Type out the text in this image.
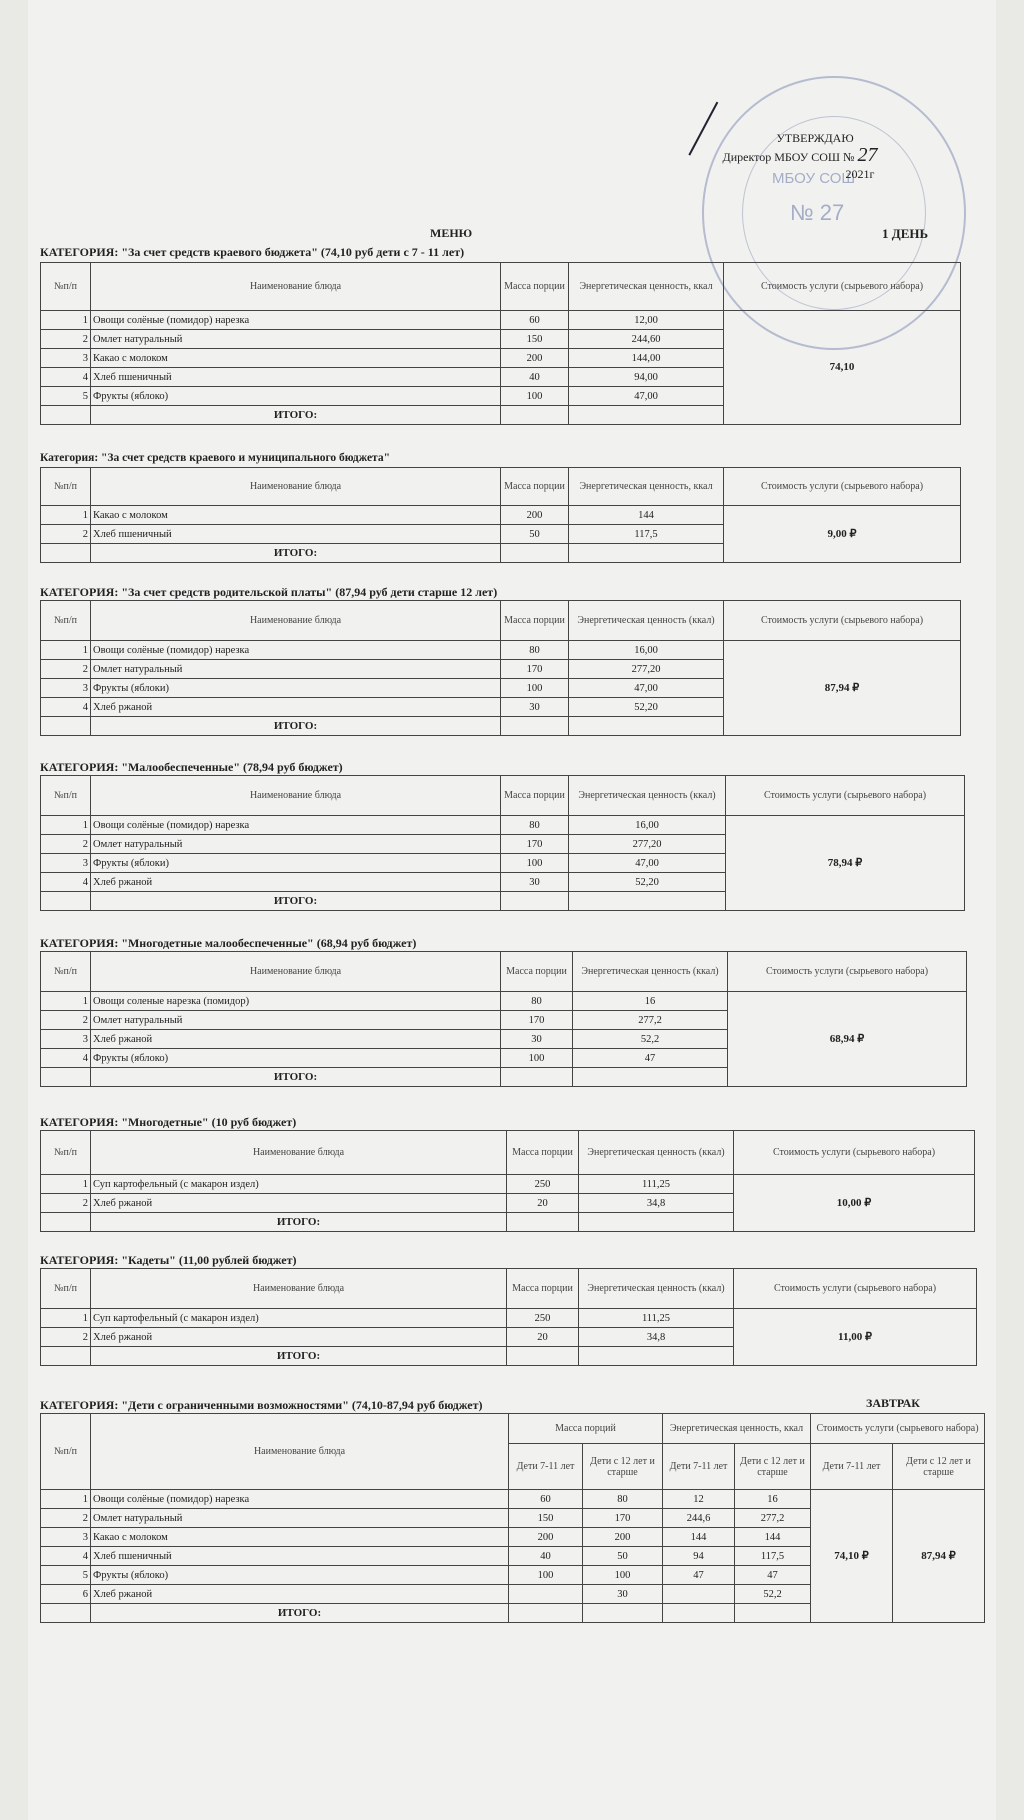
МБОУ СОШ
№ 27
УТВЕРЖДАЮ
Директор МБОУ СОШ № 27
2021г
МЕНЮ	1 ДЕНЬ
КАТЕГОРИЯ: "За счет средств краевого бюджета" (74,10 руб дети с 7 - 11 лет)
№п/п	Наименование блюда	Масса порции	Энергетическая ценность, ккал	Стоимость услуги (сырьевого набора)
1	Овощи солёные (помидор) нарезка	60	12,00	74,10
2	Омлет натуральный	150	244,60	
3	Какао с молоком	200	144,00	
4	Хлеб пшеничный	40	94,00	
5	Фрукты (яблоко)	100	47,00	
	ИТОГО:			
Категория: "За счет средств краевого и муниципального бюджета"
№п/п	Наименование блюда	Масса порции	Энергетическая ценность, ккал	Стоимость услуги (сырьевого набора)
1	Какао с молоком	200	144	9,00 ₽
2	Хлеб пшеничный	50	117,5	
	ИТОГО:			
КАТЕГОРИЯ: "За счет средств родительской платы" (87,94 руб дети старше 12 лет)
№п/п	Наименование блюда	Масса порции	Энергетическая ценность (ккал)	Стоимость услуги (сырьевого набора)
1	Овощи солёные (помидор) нарезка	80	16,00	87,94 ₽
2	Омлет натуральный	170	277,20	
3	Фрукты (яблоки)	100	47,00	
4	Хлеб ржаной	30	52,20	
	ИТОГО:			
КАТЕГОРИЯ: "Малообеспеченные" (78,94 руб бюджет)
№п/п	Наименование блюда	Масса порции	Энергетическая ценность (ккал)	Стоимость услуги (сырьевого набора)
1	Овощи солёные (помидор) нарезка	80	16,00	78,94 ₽
2	Омлет натуральный	170	277,20	
3	Фрукты (яблоки)	100	47,00	
4	Хлеб ржаной	30	52,20	
	ИТОГО:			
КАТЕГОРИЯ: "Многодетные малообеспеченные" (68,94 руб бюджет)
№п/п	Наименование блюда	Масса порции	Энергетическая ценность (ккал)	Стоимость услуги (сырьевого набора)
1	Овощи соленые нарезка (помидор)	80	16	68,94 ₽
2	Омлет натуральный	170	277,2	
3	Хлеб ржаной	30	52,2	
4	Фрукты (яблоко)	100	47	
	ИТОГО:			
КАТЕГОРИЯ: "Многодетные" (10 руб бюджет)
№п/п	Наименование блюда	Масса порции	Энергетическая ценность (ккал)	Стоимость услуги (сырьевого набора)
1	Суп картофельный (с макарон издел)	250	111,25	10,00 ₽
2	Хлеб ржаной	20	34,8	
	ИТОГО:			
КАТЕГОРИЯ: "Кадеты" (11,00 рублей бюджет)
№п/п	Наименование блюда	Масса порции	Энергетическая ценность (ккал)	Стоимость услуги (сырьевого набора)
1	Суп картофельный (с макарон издел)	250	111,25	11,00 ₽
2	Хлеб ржаной	20	34,8	
	ИТОГО:			
КАТЕГОРИЯ: "Дети с ограниченными возможностями" (74,10-87,94 руб бюджет)	ЗАВТРАК
№п/п	Наименование блюда	Масса порций		Энергетическая ценность, ккал		Стоимость услуги (сырьевого набора)	
		Дети 7-11 лет	Дети с 12 лет и старше	Дети 7-11 лет	Дети с 12 лет и старше	Дети 7-11 лет	Дети с 12 лет и старше
1	Овощи солёные (помидор) нарезка	60	80	12	16	74,10 ₽	87,94 ₽
2	Омлет натуральный	150	170	244,6	277,2		
3	Какао с молоком	200	200	144	144		
4	Хлеб пшеничный	40	50	94	117,5		
5	Фрукты (яблоко)	100	100	47	47		
6	Хлеб ржаной		30		52,2		
	ИТОГО:						
